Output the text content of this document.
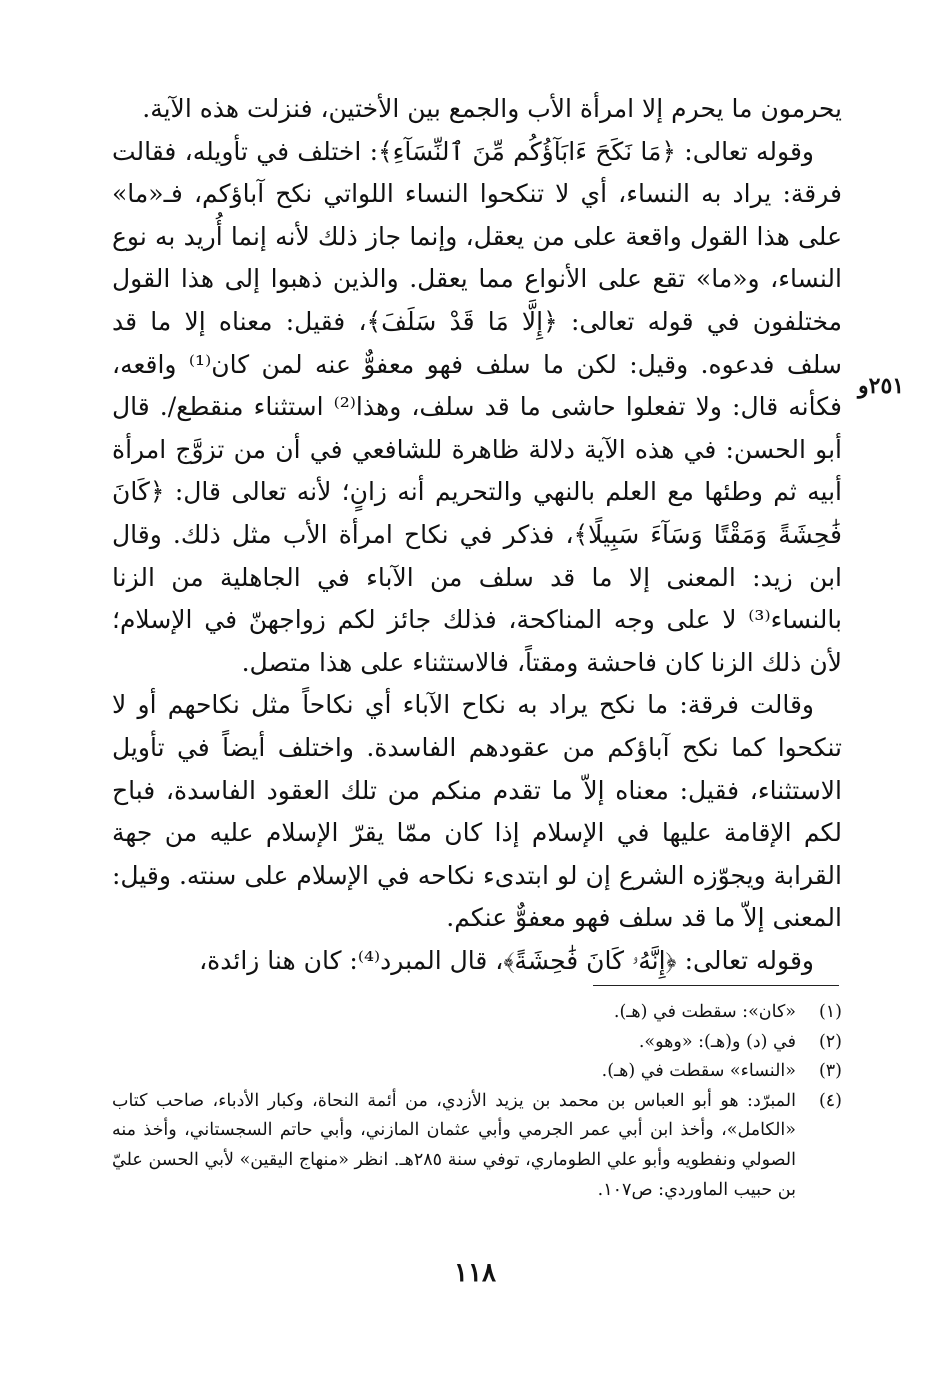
يحرمون ما يحرم إلا امرأة الأب والجمع بين الأختين، فنزلت هذه الآية.

وقوله تعالى: ﴿مَا نَكَحَ ءَابَآؤُكُم مِّنَ ٱلنِّسَآءِ﴾: اختلف في تأويله، فقالت فرقة: يراد به النساء، أي لا تنكحوا النساء اللواتي نكح آباؤكم، فـ«ما» على هذا القول واقعة على من يعقل، وإنما جاز ذلك لأنه إنما أُريد به نوع النساء، و«ما» تقع على الأنواع مما يعقل. والذين ذهبوا إلى هذا القول مختلفون في قوله تعالى: ﴿إِلَّا مَا قَدْ سَلَفَ﴾، فقيل: معناه إلا ما قد سلف فدعوه. وقيل: لكن ما سلف فهو معفوٌّ عنه لمن كان⁽¹⁾ واقعه، فكأنه قال: ولا تفعلوا حاشى ما قد سلف، وهذا⁽²⁾ استثناء منقطع/. قال أبو الحسن: في هذه الآية دلالة ظاهرة للشافعي في أن من تزوَّج امرأة أبيه ثم وطئها مع العلم بالنهي والتحريم أنه زانٍ؛ لأنه تعالى قال: ﴿كَانَ فَٰحِشَةً وَمَقْتًا وَسَآءَ سَبِيلًا﴾، فذكر في نكاح امرأة الأب مثل ذلك. وقال ابن زيد: المعنى إلا ما قد سلف من الآباء في الجاهلية من الزنا بالنساء⁽³⁾ لا على وجه المناكحة، فذلك جائز لكم زواجهنّ في الإسلام؛ لأن ذلك الزنا كان فاحشة ومقتاً، فالاستثناء على هذا متصل.

وقالت فرقة: ما نكح يراد به نكاح الآباء أي نكاحاً مثل نكاحهم أو لا تنكحوا كما نكح آباؤكم من عقودهم الفاسدة. واختلف أيضاً في تأويل الاستثناء، فقيل: معناه إلاّ ما تقدم منكم من تلك العقود الفاسدة، فباح لكم الإقامة عليها في الإسلام إذا كان ممّا يقرّ الإسلام عليه من جهة القرابة ويجوّزه الشرع إن لو ابتدىء نكاحه في الإسلام على سنته. وقيل: المعنى إلاّ ما قد سلف فهو معفوٌّ عنكم.

وقوله تعالى: ﴿إِنَّهُۥ كَانَ فَٰحِشَةً﴾، قال المبرد⁽⁴⁾: كان هنا زائدة،

٢٥١و
(١)
«كان»: سقطت في (هـ).
(٢)
في (د) و(هـ): «وهو».
(٣)
«النساء» سقطت في (هـ).
(٤)
المبرّد: هو أبو العباس بن محمد بن يزيد الأزدي، من أئمة النحاة، وكبار الأدباء، صاحب كتاب «الكامل»، وأخذ ابن أبي عمر الجرمي وأبي عثمان المازني، وأبي حاتم السجستاني، وأخذ منه الصولي ونفطويه وأبو علي الطوماري، توفي سنة ٢٨٥هـ. انظر «منهاج اليقين» لأبي الحسن عليّ بن حبيب الماوردي: ص١٠٧.
١١٨
